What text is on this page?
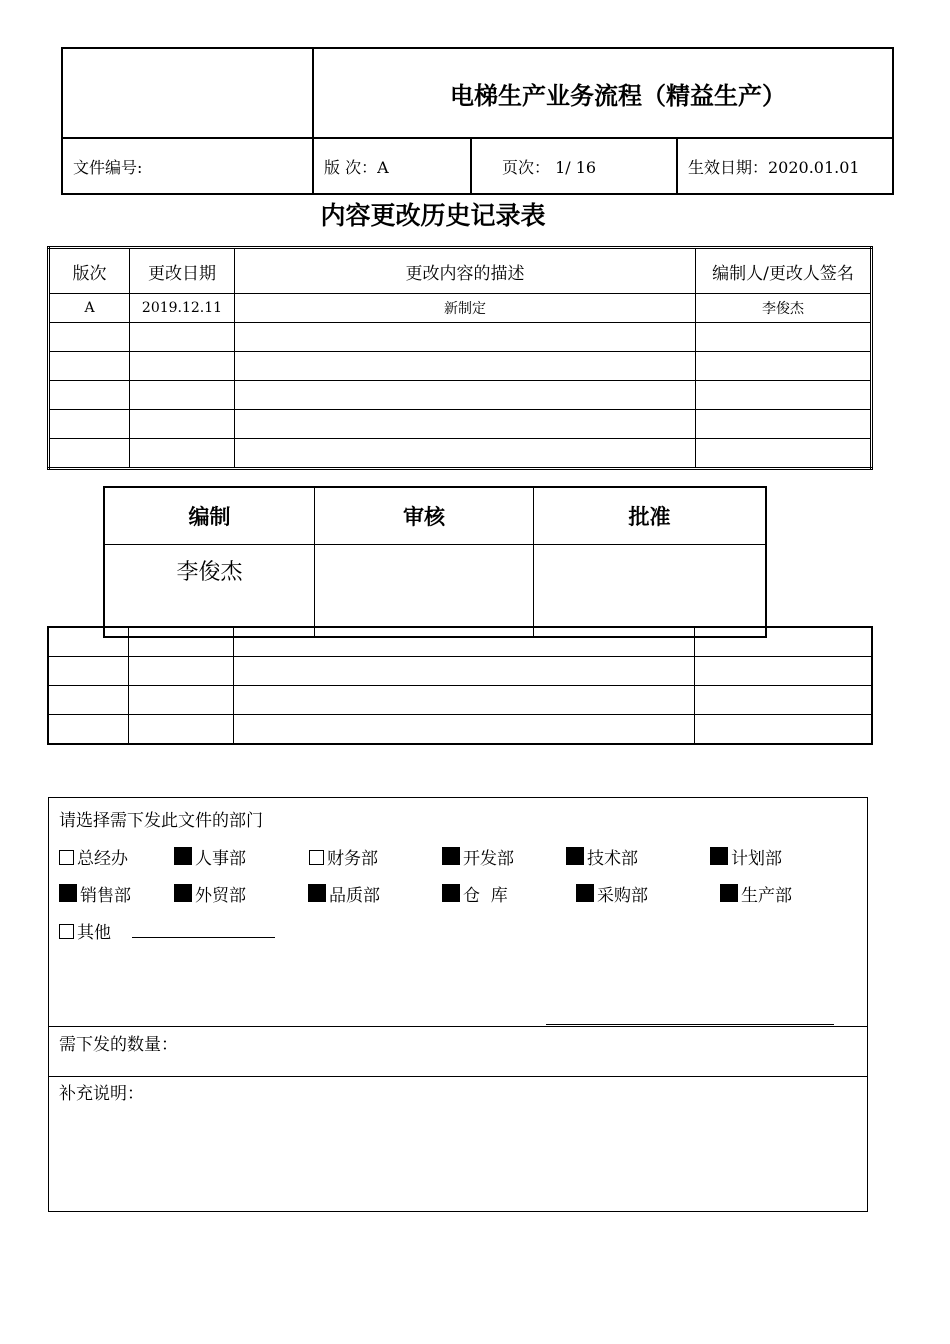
	电梯生产业务流程（精益生产）		
文件编号:	版 次：A	页次： 1/ 16	生效日期：2020.01.01
内容更改历史记录表
版次	更改日期	更改内容的描述	编制人/更改人签名
A	2019.12.11	新制定	李俊杰

编制	审核	批准
李俊杰		

请选择需下发此文件的部门
总经办	人事部	财务部	开发部	技术部	计划部
销售部	外贸部	品质部	仓  库	采购部	生产部
其他
需下发的数量：
补充说明：
